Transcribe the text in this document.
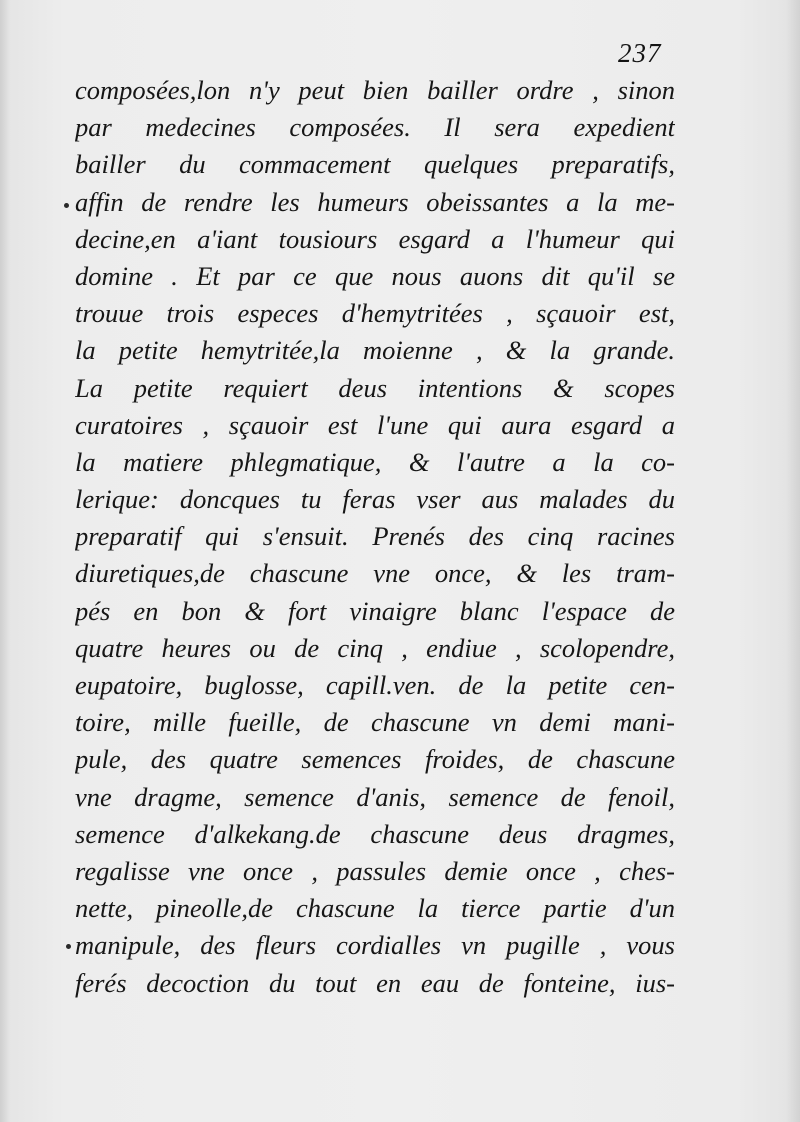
237
composées,lon n'y peut bien bailler ordre , sinon
par medecines composées. Il sera expedient
bailler du commacement quelques preparatifs,
affin de rendre les humeurs obeissantes a la me-
decine,en a'iant tousiours esgard a l'humeur qui
domine . Et par ce que nous auons dit qu'il se
trouue trois especes d'hemytritées , sçauoir est,
la petite hemytritée,la moienne , & la grande.
La petite requiert deus intentions & scopes
curatoires , sçauoir est l'une qui aura esgard a
la matiere phlegmatique, & l'autre a la co-
lerique: doncques tu feras vser aus malades du
preparatif qui s'ensuit. Prenés des cinq racines
diuretiques,de chascune vne once, & les tram-
pés en bon & fort vinaigre blanc l'espace de
quatre heures ou de cinq , endiue , scolopendre,
eupatoire, buglosse, capill.ven. de la petite cen-
toire, mille fueille, de chascune vn demi mani-
pule, des quatre semences froides, de chascune
vne dragme, semence d'anis, semence de fenoil,
semence d'alkekang.de chascune deus dragmes,
regalisse vne once , passules demie once , ches-
nette, pineolle,de chascune la tierce partie d'un
manipule, des fleurs cordialles vn pugille , vous
ferés decoction du tout en eau de fonteine, ius-
